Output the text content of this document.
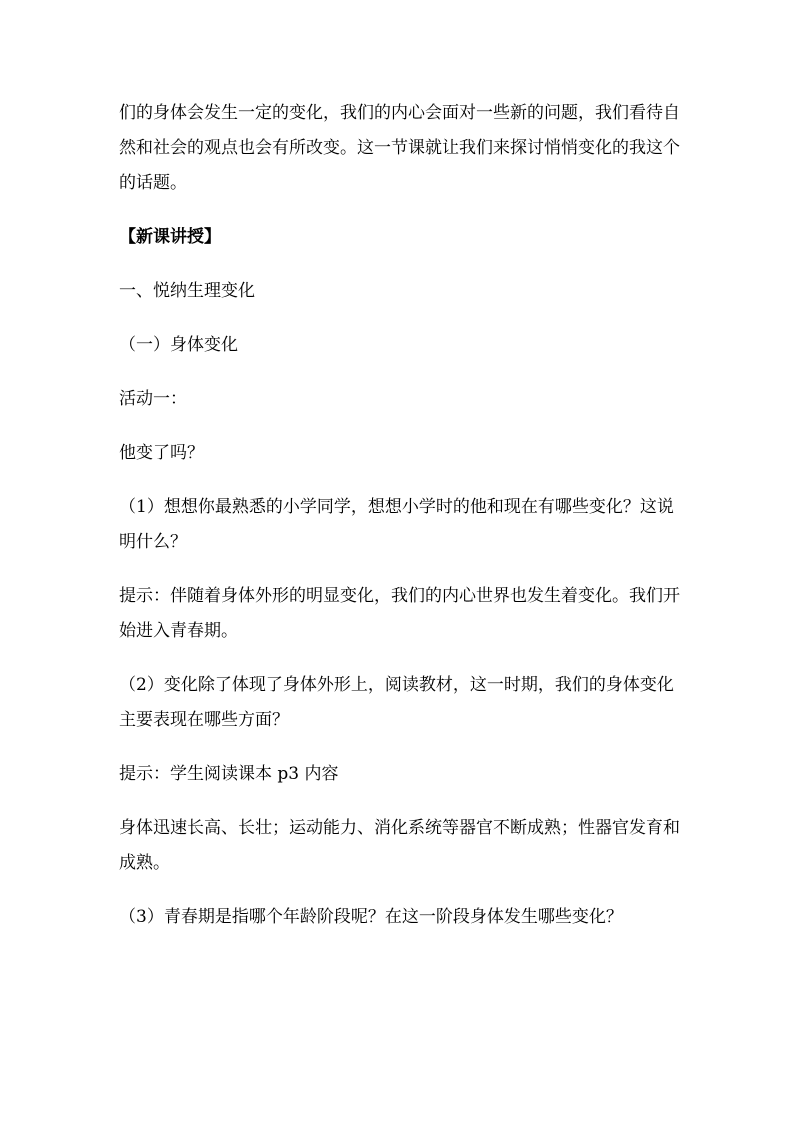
们的身体会发生一定的变化，我们的内心会面对一些新的问题，我们看待自然和社会的观点也会有所改变。这一节课就让我们来探讨悄悄变化的我这个的话题。

【新课讲授】

一、悦纳生理变化

（一）身体变化

活动一：

他变了吗？

（1）想想你最熟悉的小学同学，想想小学时的他和现在有哪些变化？这说明什么？

提示：伴随着身体外形的明显变化，我们的内心世界也发生着变化。我们开始进入青春期。

（2）变化除了体现了身体外形上，阅读教材，这一时期，我们的身体变化主要表现在哪些方面？

提示：学生阅读课本 p3 内容

身体迅速长高、长壮；运动能力、消化系统等器官不断成熟；性器官发育和成熟。

（3）青春期是指哪个年龄阶段呢？在这一阶段身体发生哪些变化？
